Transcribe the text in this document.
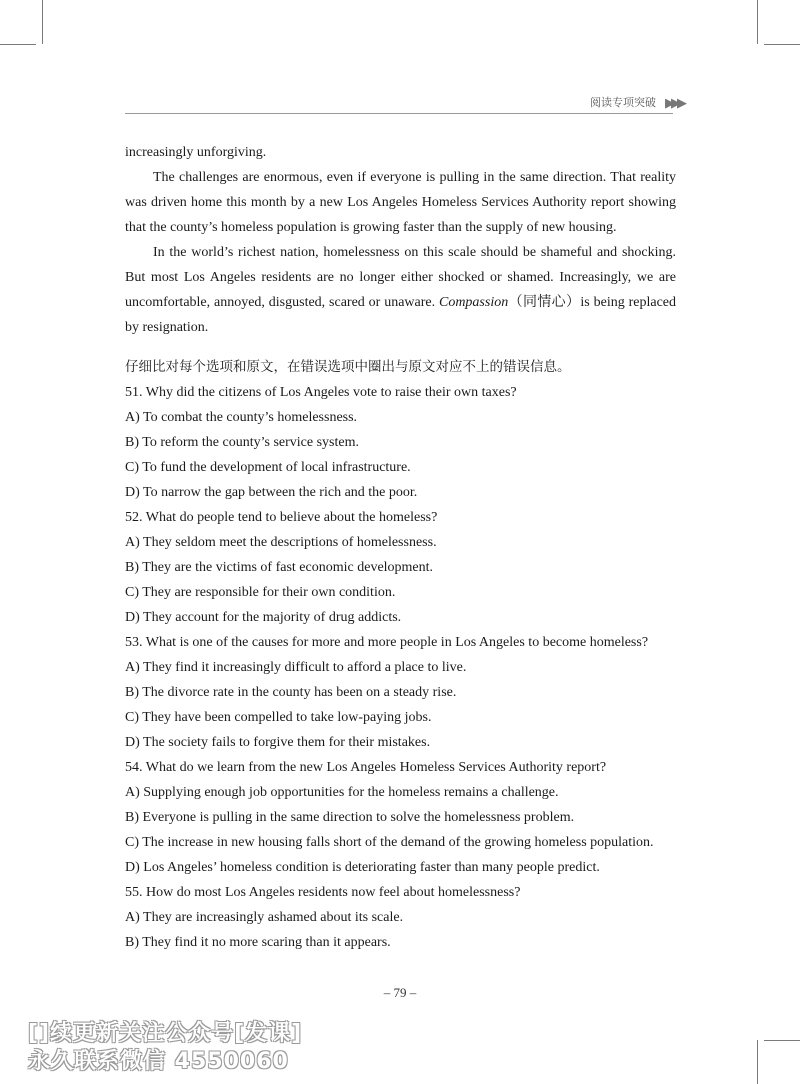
阅读专项突破 ▶▶▶

increasingly unforgiving.

The challenges are enormous, even if everyone is pulling in the same direction. That reality was driven home this month by a new Los Angeles Homeless Services Authority report showing that the county’s homeless population is growing faster than the supply of new housing.

In the world’s richest nation, homelessness on this scale should be shameful and shocking. But most Los Angeles residents are no longer either shocked or shamed. Increasingly, we are uncomfortable, annoyed, disgusted, scared or unaware. Compassion（同情心）is being replaced by resignation.

仔细比对每个选项和原文，在错误选项中圈出与原文对应不上的错误信息。

51. Why did the citizens of Los Angeles vote to raise their own taxes?

A) To combat the county’s homelessness.

B) To reform the county’s service system.

C) To fund the development of local infrastructure.

D) To narrow the gap between the rich and the poor.

52. What do people tend to believe about the homeless?

A) They seldom meet the descriptions of homelessness.

B) They are the victims of fast economic development.

C) They are responsible for their own condition.

D) They account for the majority of drug addicts.

53. What is one of the causes for more and more people in Los Angeles to become homeless?

A) They find it increasingly difficult to afford a place to live.

B) The divorce rate in the county has been on a steady rise.

C) They have been compelled to take low-paying jobs.

D) The society fails to forgive them for their mistakes.

54. What do we learn from the new Los Angeles Homeless Services Authority report?

A) Supplying enough job opportunities for the homeless remains a challenge.

B) Everyone is pulling in the same direction to solve the homelessness problem.

C) The increase in new housing falls short of the demand of the growing homeless population.

D) Los Angeles’ homeless condition is deteriorating faster than many people predict.

55. How do most Los Angeles residents now feel about homelessness?

A) They are increasingly ashamed about its scale.

B) They find it no more scaring than it appears.

– 79 –
[]续更新关注公众号[发课]
永久联系微信 4550060
